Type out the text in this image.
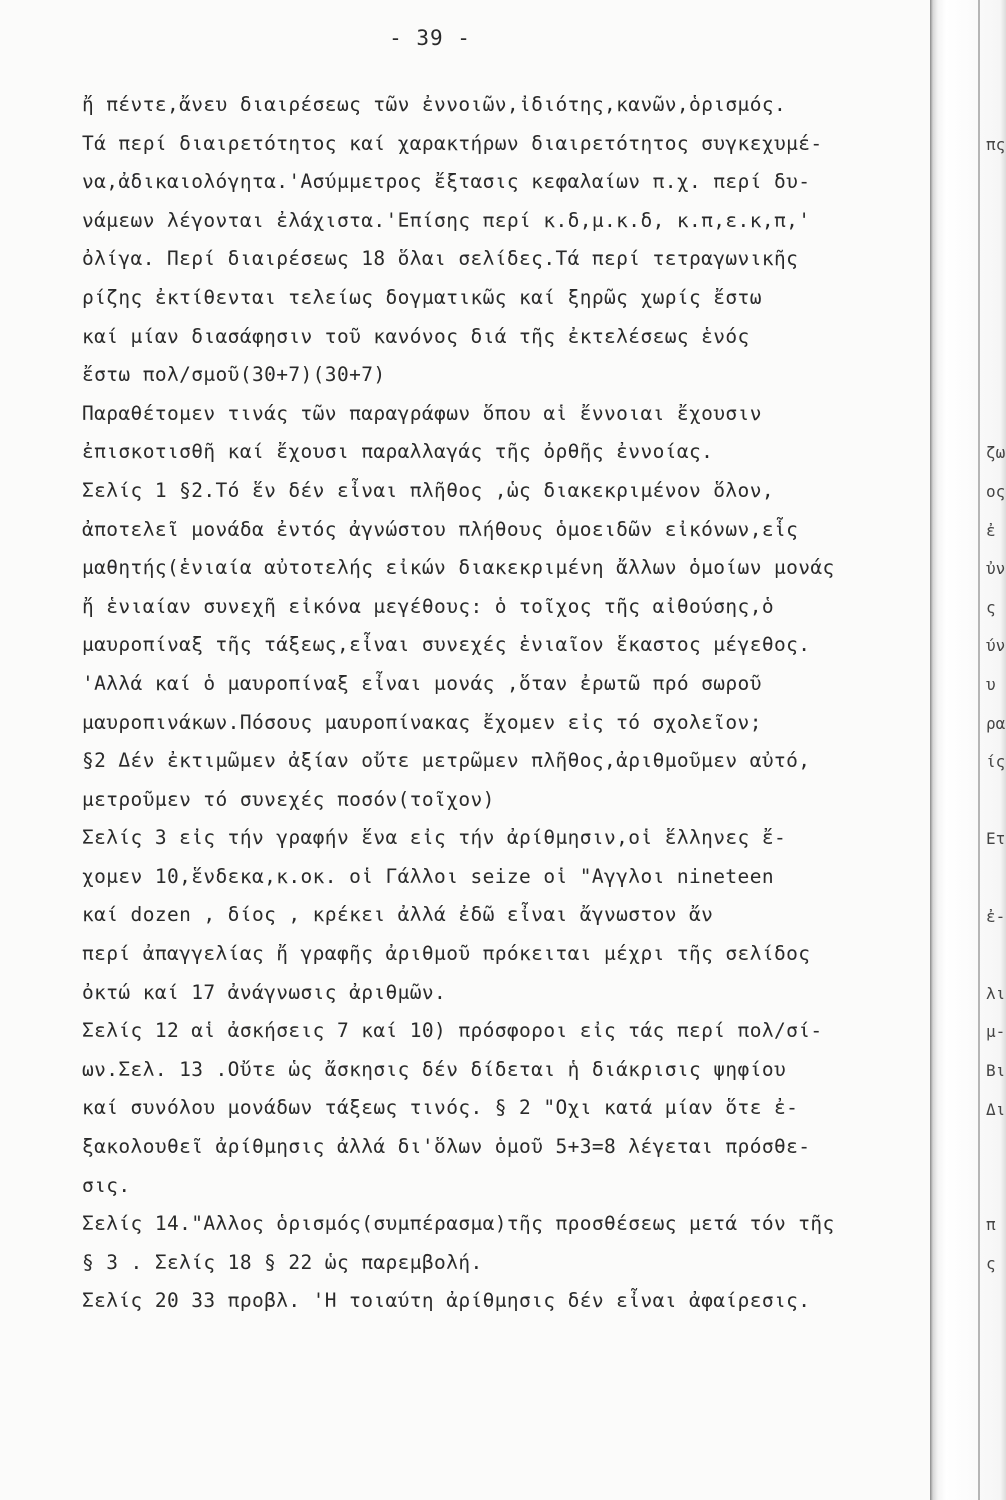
- 39 -
ἤ πέντε,ἄνευ διαιρέσεως τῶν ἐννοιῶν,ἰδιότης,κανῶν,ὁρισμός.
Τά περί διαιρετότητος καί χαρακτήρων διαιρετότητος συγκεχυμέ-
να,ἀδικαιολόγητα.'Ασύμμετρος ἔξτασις κεφαλαίων π.χ. περί δυ-
νάμεων λέγονται ἐλάχιστα.'Επίσης περί κ.δ,μ.κ.δ, κ.π,ε.κ,π,'
ὀλίγα. Περί διαιρέσεως 18 ὅλαι σελίδες.Τά περί τετραγωνικῆς
ρίζης ἐκτίθενται τελείως δογματικῶς καί ξηρῶς χωρίς ἔστω
καί μίαν διασάφησιν τοῦ κανόνος διά τῆς ἐκτελέσεως ἑνός
ἔστω πολ/σμοῦ(30+7)(30+7)
Παραθέτομεν τινάς τῶν παραγράφων ὅπου αἱ ἔννοιαι ἔχουσιν
ἐπισκοτισθῆ καί ἔχουσι παραλλαγάς τῆς ὀρθῆς ἐννοίας.
Σελίς 1 §2.Τό ἕν δέν εἶναι πλῆθος ,ὡς διακεκριμένον ὅλον,
ἀποτελεῖ μονάδα ἐντός ἀγνώστου πλήθους ὁμοειδῶν εἰκόνων,εἷς
μαθητής(ἑνιαία αὐτοτελής εἰκών διακεκριμένη ἄλλων ὁμοίων μονάς
ἤ ἑνιαίαν συνεχῆ εἰκόνα μεγέθους: ὁ τοῖχος τῆς αἰθούσης,ὁ
μαυροπίναξ τῆς τάξεως,εἶναι συνεχές ἑνιαῖον ἕκαστος μέγεθος.
'Αλλά καί ὁ μαυροπίναξ εἶναι μονάς ,ὅταν ἐρωτῶ πρό σωροῦ
μαυροπινάκων.Πόσους μαυροπίνακας ἔχομεν εἰς τό σχολεῖον;
§2 Δέν ἐκτιμῶμεν ἀξίαν οὔτε μετρῶμεν πλῆθος,ἀριθμοῦμεν αὐτό,
μετροῦμεν τό συνεχές ποσόν(τοῖχον)
Σελίς 3 εἰς τήν γραφήν ἕνα εἰς τήν ἀρίθμησιν,οἱ ἕλληνες ἔ-
χομεν 10,ἕνδεκα,κ.οκ. οἱ Γάλλοι seize οἱ "Αγγλοι nineteen
καί dozen , δίος , κρέκει ἀλλά ἐδῶ εἶναι ἄγνωστον ἄν
περί ἀπαγγελίας ἤ γραφῆς ἀριθμοῦ πρόκειται μέχρι τῆς σελίδος
ὀκτώ καί 17 ἀνάγνωσις ἀριθμῶν.
Σελίς 12 αἱ ἀσκήσεις 7 καί 10) πρόσφοροι εἰς τάς περί πολ/σί-
ων.Σελ. 13 .Οὔτε ὡς ἄσκησις δέν δίδεται ἡ διάκρισις ψηφίου
καί συνόλου μονάδων τάξεως τινός. § 2 "Οχι κατά μίαν ὅτε ἐ-
ξακολουθεῖ ἀρίθμησις ἀλλά δι'ὅλων ὁμοῦ 5+3=8 λέγεται πρόσθε-
σις.
Σελίς 14."Αλλος ὁρισμός(συμπέρασμα)τῆς προσθέσεως μετά τόν τῆς
§ 3 . Σελίς 18 § 22 ὡς παρεμβολή.
Σελίς 20 33 προβλ. 'Η τοιαύτη ἀρίθμησις δέν εἶναι ἀφαίρεσις.
πς
ζω
ος
ἐ
ὐν
ς
ύν
υ
ρα
ίς
Ετ
ἐ-
λι
μ-
Βι
Δι
π
ς
